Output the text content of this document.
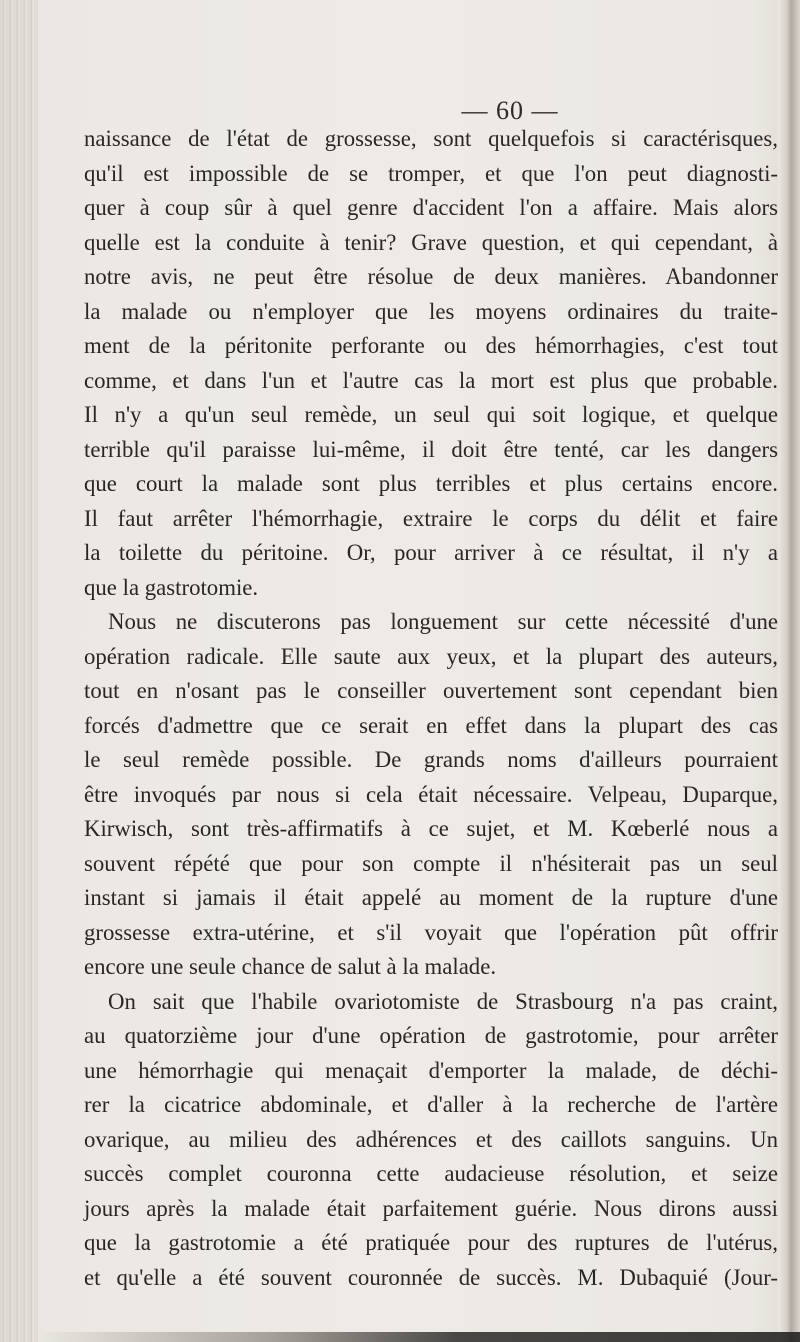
— 60 —
naissance de l'état de grossesse, sont quelquefois si caractérisques,
qu'il est impossible de se tromper, et que l'on peut diagnosti-
quer à coup sûr à quel genre d'accident l'on a affaire. Mais alors
quelle est la conduite à tenir? Grave question, et qui cependant, à
notre avis, ne peut être résolue de deux manières. Abandonner
la malade ou n'employer que les moyens ordinaires du traite-
ment de la péritonite perforante ou des hémorrhagies, c'est tout
comme, et dans l'un et l'autre cas la mort est plus que probable.
Il n'y a qu'un seul remède, un seul qui soit logique, et quelque
terrible qu'il paraisse lui-même, il doit être tenté, car les dangers
que court la malade sont plus terribles et plus certains encore.
Il faut arrêter l'hémorrhagie, extraire le corps du délit et faire
la toilette du péritoine. Or, pour arriver à ce résultat, il n'y a
que la gastrotomie.
Nous ne discuterons pas longuement sur cette nécessité d'une
opération radicale. Elle saute aux yeux, et la plupart des auteurs,
tout en n'osant pas le conseiller ouvertement sont cependant bien
forcés d'admettre que ce serait en effet dans la plupart des cas
le seul remède possible. De grands noms d'ailleurs pourraient
être invoqués par nous si cela était nécessaire. Velpeau, Duparque,
Kirwisch, sont très-affirmatifs à ce sujet, et M. Kœberlé nous a
souvent répété que pour son compte il n'hésiterait pas un seul
instant si jamais il était appelé au moment de la rupture d'une
grossesse extra-utérine, et s'il voyait que l'opération pût offrir
encore une seule chance de salut à la malade.
On sait que l'habile ovariotomiste de Strasbourg n'a pas craint,
au quatorzième jour d'une opération de gastrotomie, pour arrêter
une hémorrhagie qui menaçait d'emporter la malade, de déchi-
rer la cicatrice abdominale, et d'aller à la recherche de l'artère
ovarique, au milieu des adhérences et des caillots sanguins. Un
succès complet couronna cette audacieuse résolution, et seize
jours après la malade était parfaitement guérie. Nous dirons aussi
que la gastrotomie a été pratiquée pour des ruptures de l'utérus,
et qu'elle a été souvent couronnée de succès. M. Dubaquié (Jour-
